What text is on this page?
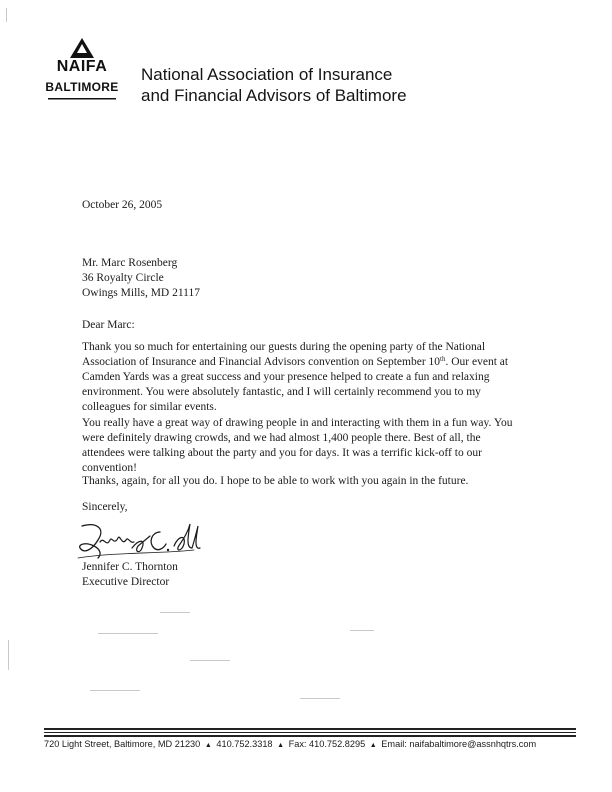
NAIFA
BALTIMORE
National Association of Insurance
and Financial Advisors of Baltimore
October 26, 2005
Mr. Marc Rosenberg
36 Royalty Circle
Owings Mills, MD 21117
Dear Marc:

Thank you so much for entertaining our guests during the opening party of the National Association of Insurance and Financial Advisors convention on September 10th. Our event at Camden Yards was a great success and your presence helped to create a fun and relaxing environment. You were absolutely fantastic, and I will certainly recommend you to my colleagues for similar events.

You really have a great way of drawing people in and interacting with them in a fun way. You were definitely drawing crowds, and we had almost 1,400 people there. Best of all, the attendees were talking about the party and you for days. It was a terrific kick-off to our convention!

Thanks, again, for all you do. I hope to be able to work with you again in the future.

Sincerely,
Jennifer C. Thornton
Executive Director
720 Light Street, Baltimore, MD 21230 ▲ 410.752.3318 ▲ Fax: 410.752.8295 ▲ Email: naifabaltimore@assnhqtrs.com
